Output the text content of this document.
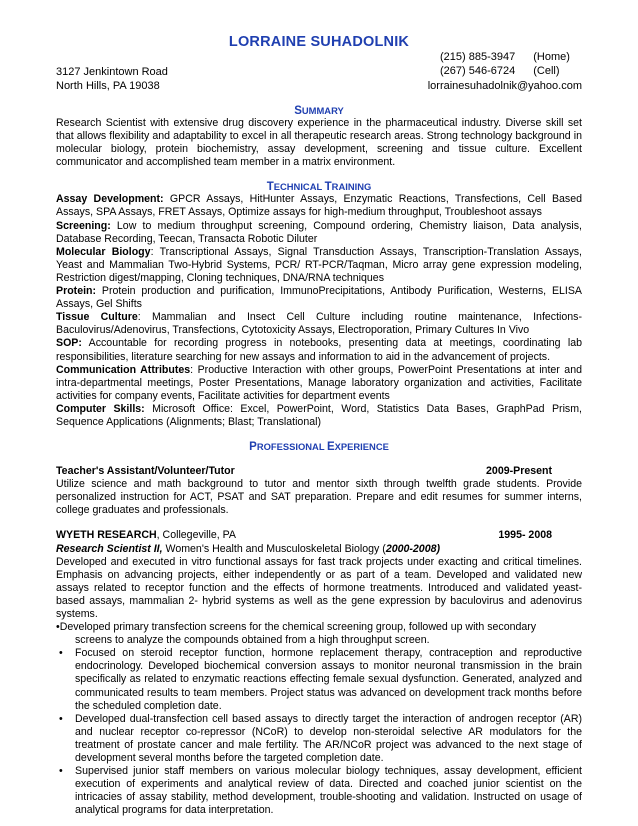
LORRAINE SUHADOLNIK
3127 Jenkintown Road
North Hills, PA 19038
(215) 885-3947 (Home)
(267) 546-6724 (Cell)
lorrainesuhadolnik@yahoo.com
SUMMARY

Research Scientist with extensive drug discovery experience in the pharmaceutical industry. Diverse skill set that allows flexibility and adaptability to excel in all therapeutic research areas. Strong technology background in molecular biology, protein biochemistry, assay development, screening and tissue culture. Excellent communicator and accomplished team member in a matrix environment.

TECHNICAL TRAINING

Assay Development: GPCR Assays, HitHunter Assays, Enzymatic Reactions, Transfections, Cell Based Assays, SPA Assays, FRET Assays, Optimize assays for high-medium throughput, Troubleshoot assays

Screening: Low to medium throughput screening, Compound ordering, Chemistry liaison, Data analysis, Database Recording, Teecan, Transacta Robotic Diluter

Molecular Biology: Transcriptional Assays, Signal Transduction Assays, Transcription-Translation Assays, Yeast and Mammalian Two-Hybrid Systems, PCR/ RT-PCR/Taqman, Micro array gene expression modeling, Restriction digest/mapping, Cloning techniques, DNA/RNA techniques

Protein: Protein production and purification, ImmunoPrecipitations, Antibody Purification, Westerns, ELISA Assays, Gel Shifts

Tissue Culture: Mammalian and Insect Cell Culture including routine maintenance, Infections-Baculovirus/Adenovirus, Transfections, Cytotoxicity Assays, Electroporation, Primary Cultures In Vivo

SOP: Accountable for recording progress in notebooks, presenting data at meetings, coordinating lab responsibilities, literature searching for new assays and information to aid in the advancement of projects.

Communication Attributes: Productive Interaction with other groups, PowerPoint Presentations at inter and intra-departmental meetings, Poster Presentations, Manage laboratory organization and activities, Facilitate activities for company events, Facilitate activities for department events

Computer Skills: Microsoft Office: Excel, PowerPoint, Word, Statistics Data Bases, GraphPad Prism, Sequence Applications (Alignments; Blast; Translational)

PROFESSIONAL EXPERIENCE
Teacher's Assistant/Volunteer/Tutor	2009-Present

Utilize science and math background to tutor and mentor sixth through twelfth grade students. Provide personalized instruction for ACT, PSAT and SAT preparation. Prepare and edit resumes for summer interns, college graduates and professionals.

WYETH RESEARCH, Collegeville, PA	1995- 2008
Research Scientist II, Women's Health and Musculoskeletal Biology (2000-2008)

Developed and executed in vitro functional assays for fast track projects under exacting and critical timelines. Emphasis on advancing projects, either independently or as part of a team. Developed and validated new assays related to receptor function and the effects of hormone treatments. Introduced and validated yeast-based assays, mammalian 2- hybrid systems as well as the gene expression by baculovirus and adenovirus systems.

•Developed primary transfection screens for the chemical screening group, followed up with secondary
screens to analyze the compounds obtained from a high throughput screen.
• Focused on steroid receptor function, hormone replacement therapy, contraception and reproductive endocrinology. Developed biochemical conversion assays to monitor neuronal transmission in the brain specifically as related to enzymatic reactions effecting female sexual dysfunction. Generated, analyzed and communicated results to team members. Project status was advanced on development track months before the scheduled completion date.
• Developed dual-transfection cell based assays to directly target the interaction of androgen receptor (AR) and nuclear receptor co-repressor (NCoR) to develop non-steroidal selective AR modulators for the treatment of prostate cancer and male fertility. The AR/NCoR project was advanced to the next stage of development several months before the targeted completion date.
• Supervised junior staff members on various molecular biology techniques, assay development, efficient execution of experiments and analytical review of data. Directed and coached junior scientist on the intricacies of assay stability, method development, trouble-shooting and validation. Instructed on usage of analytical programs for data interpretation.
